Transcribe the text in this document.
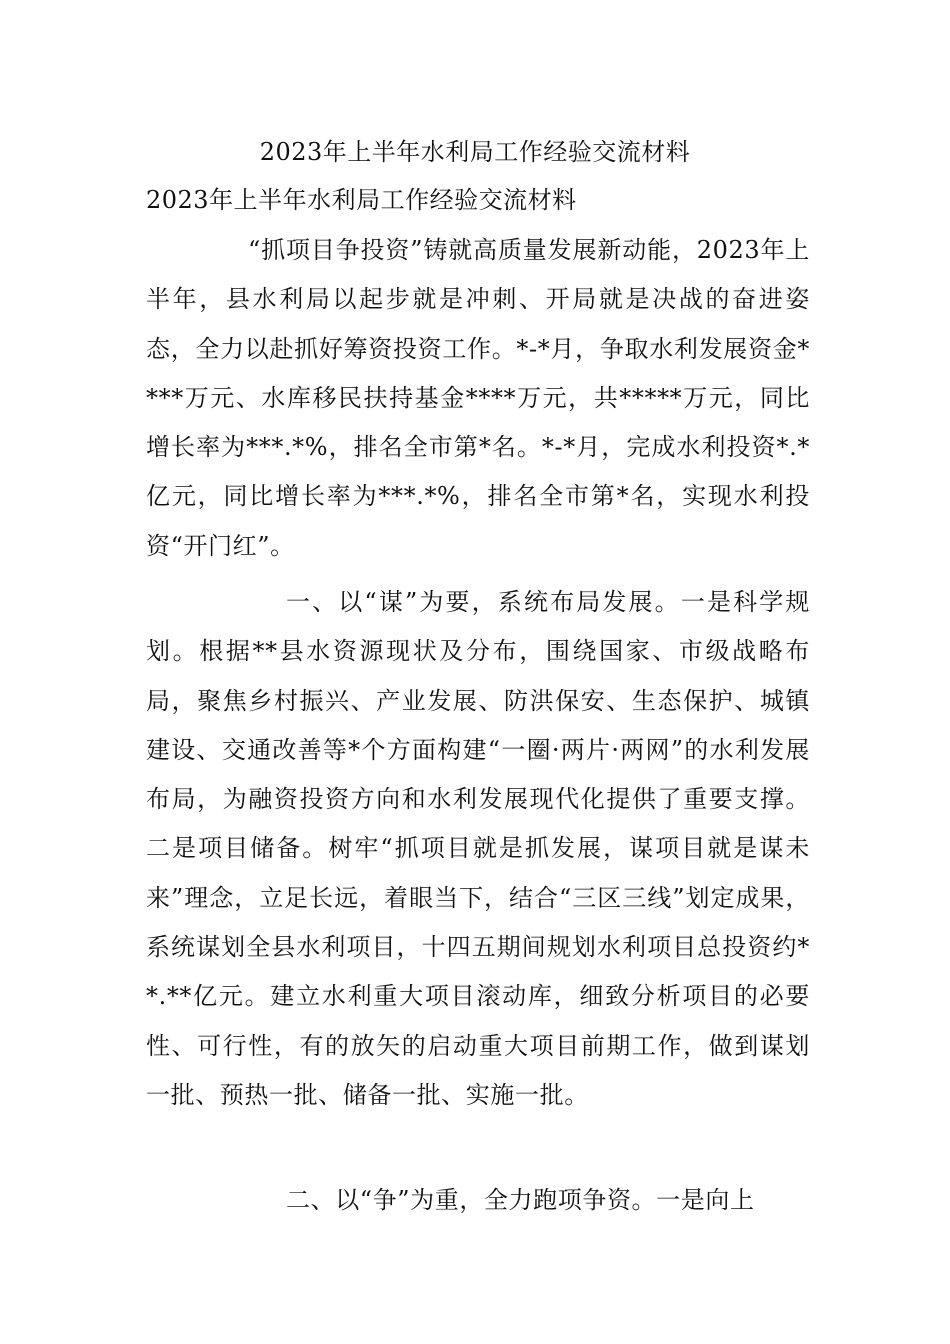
2023年上半年水利局工作经验交流材料
2023年上半年水利局工作经验交流材料

“抓项目争投资”铸就高质量发展新动能，2023年上半年，县水利局以起步就是冲刺、开局就是决战的奋进姿态，全力以赴抓好筹资投资工作。*-*月，争取水利发展资金****万元、水库移民扶持基金****万元，共*****万元，同比增长率为***.*%，排名全市第*名。*-*月，完成水利投资*.*亿元，同比增长率为***.*%，排名全市第*名，实现水利投资“开门红”。

一、以“谋”为要，系统布局发展。一是科学规划。根据**县水资源现状及分布，围绕国家、市级战略布局，聚焦乡村振兴、产业发展、防洪保安、生态保护、城镇建设、交通改善等*个方面构建“一圈·两片·两网”的水利发展布局，为融资投资方向和水利发展现代化提供了重要支撑。二是项目储备。树牢“抓项目就是抓发展，谋项目就是谋未来”理念，立足长远，着眼当下，结合“三区三线”划定成果，系统谋划全县水利项目，十四五期间规划水利项目总投资约**.**亿元。建立水利重大项目滚动库，细致分析项目的必要性、可行性，有的放矢的启动重大项目前期工作，做到谋划一批、预热一批、储备一批、实施一批。

二、以“争”为重，全力跑项争资。一是向上
